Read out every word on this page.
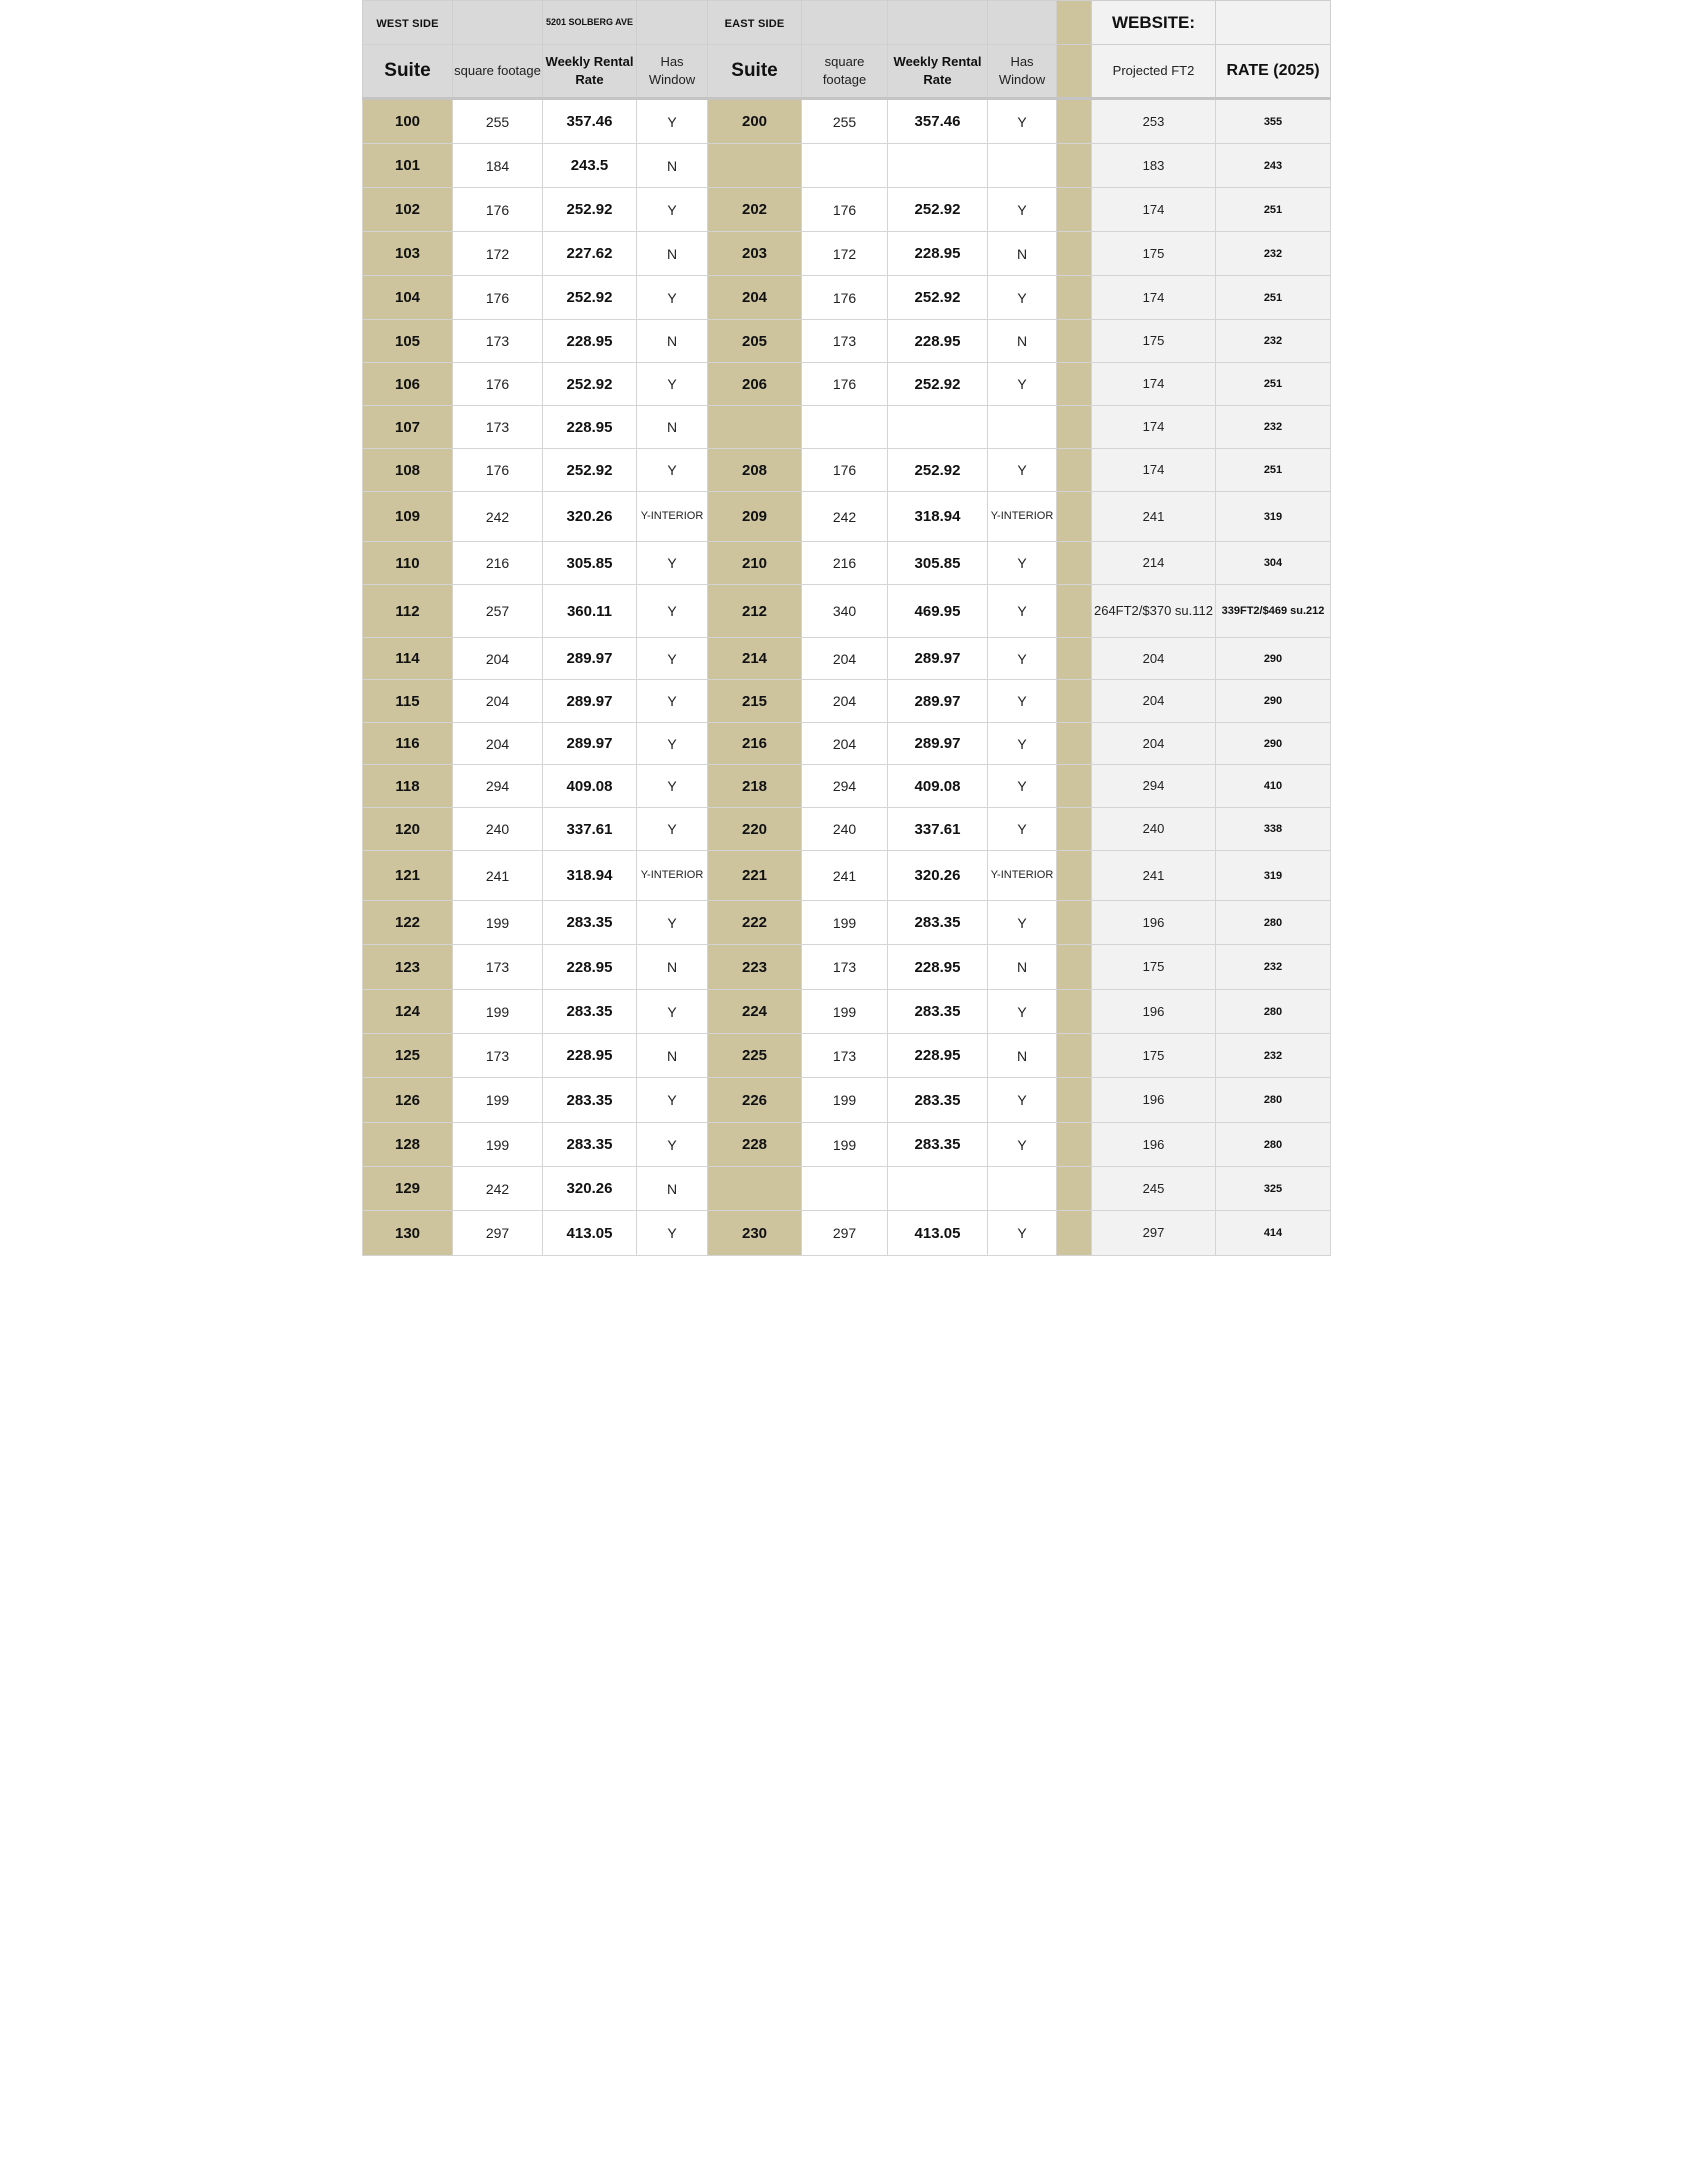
WEST SIDE		5201 SOLBERG AVE		EAST SIDE					WEBSITE:	
Suite	square footage	Weekly Rental Rate	Has Window	Suite	square footage	Weekly Rental Rate	Has Window		Projected FT2	RATE (2025)
100	255	357.46	Y	200	255	357.46	Y		253	355
101	184	243.5	N						183	243
102	176	252.92	Y	202	176	252.92	Y		174	251
103	172	227.62	N	203	172	228.95	N		175	232
104	176	252.92	Y	204	176	252.92	Y		174	251
105	173	228.95	N	205	173	228.95	N		175	232
106	176	252.92	Y	206	176	252.92	Y		174	251
107	173	228.95	N						174	232
108	176	252.92	Y	208	176	252.92	Y		174	251
109	242	320.26	Y-INTERIOR	209	242	318.94	Y-INTERIOR		241	319
110	216	305.85	Y	210	216	305.85	Y		214	304
112	257	360.11	Y	212	340	469.95	Y		264FT2/$370 su.112	339FT2/$469 su.212
114	204	289.97	Y	214	204	289.97	Y		204	290
115	204	289.97	Y	215	204	289.97	Y		204	290
116	204	289.97	Y	216	204	289.97	Y		204	290
118	294	409.08	Y	218	294	409.08	Y		294	410
120	240	337.61	Y	220	240	337.61	Y		240	338
121	241	318.94	Y-INTERIOR	221	241	320.26	Y-INTERIOR		241	319
122	199	283.35	Y	222	199	283.35	Y		196	280
123	173	228.95	N	223	173	228.95	N		175	232
124	199	283.35	Y	224	199	283.35	Y		196	280
125	173	228.95	N	225	173	228.95	N		175	232
126	199	283.35	Y	226	199	283.35	Y		196	280
128	199	283.35	Y	228	199	283.35	Y		196	280
129	242	320.26	N						245	325
130	297	413.05	Y	230	297	413.05	Y		297	414
